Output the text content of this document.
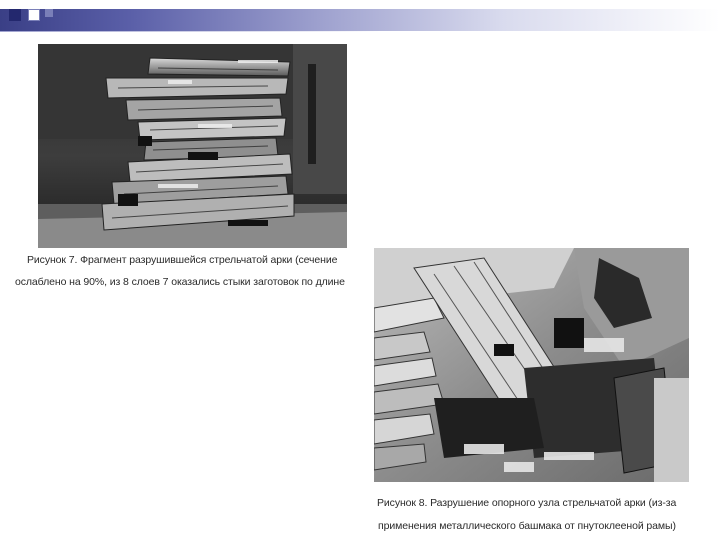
Рисунок 7. Фрагмент разрушившейся стрельчатой арки (сечение
ослаблено на 90%, из 8 слоев 7 оказались стыки заготовок по длине
Рисунок 8. Разрушение опорного узла стрельчатой арки (из-за
применения металлического башмака от пнутоклееной рамы)
